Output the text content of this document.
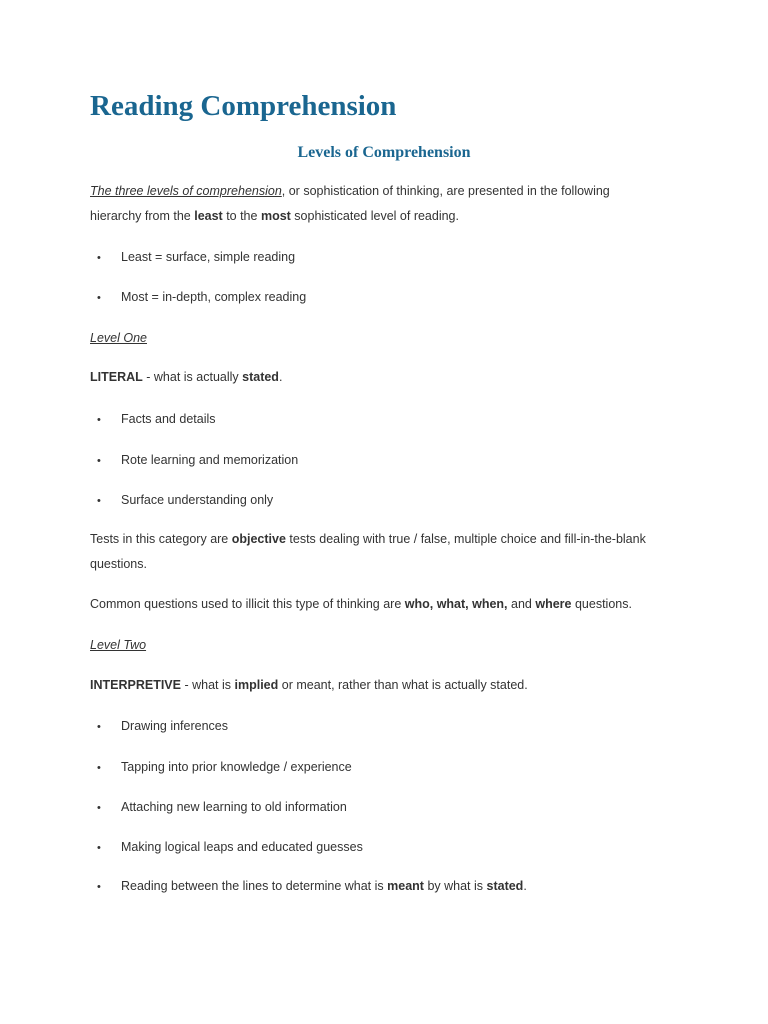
Reading Comprehension
Levels of Comprehension
The three levels of comprehension, or sophistication of thinking, are presented in the following
hierarchy from the least to the most sophisticated level of reading.
• Least = surface, simple reading
• Most = in-depth, complex reading
Level One
LITERAL - what is actually stated.
• Facts and details
• Rote learning and memorization
• Surface understanding only
Tests in this category are objective tests dealing with true / false, multiple choice and fill-in-the-blank
questions.
Common questions used to illicit this type of thinking are who, what, when, and where questions.
Level Two
INTERPRETIVE - what is implied or meant, rather than what is actually stated.
• Drawing inferences
• Tapping into prior knowledge / experience
• Attaching new learning to old information
• Making logical leaps and educated guesses
• Reading between the lines to determine what is meant by what is stated.
